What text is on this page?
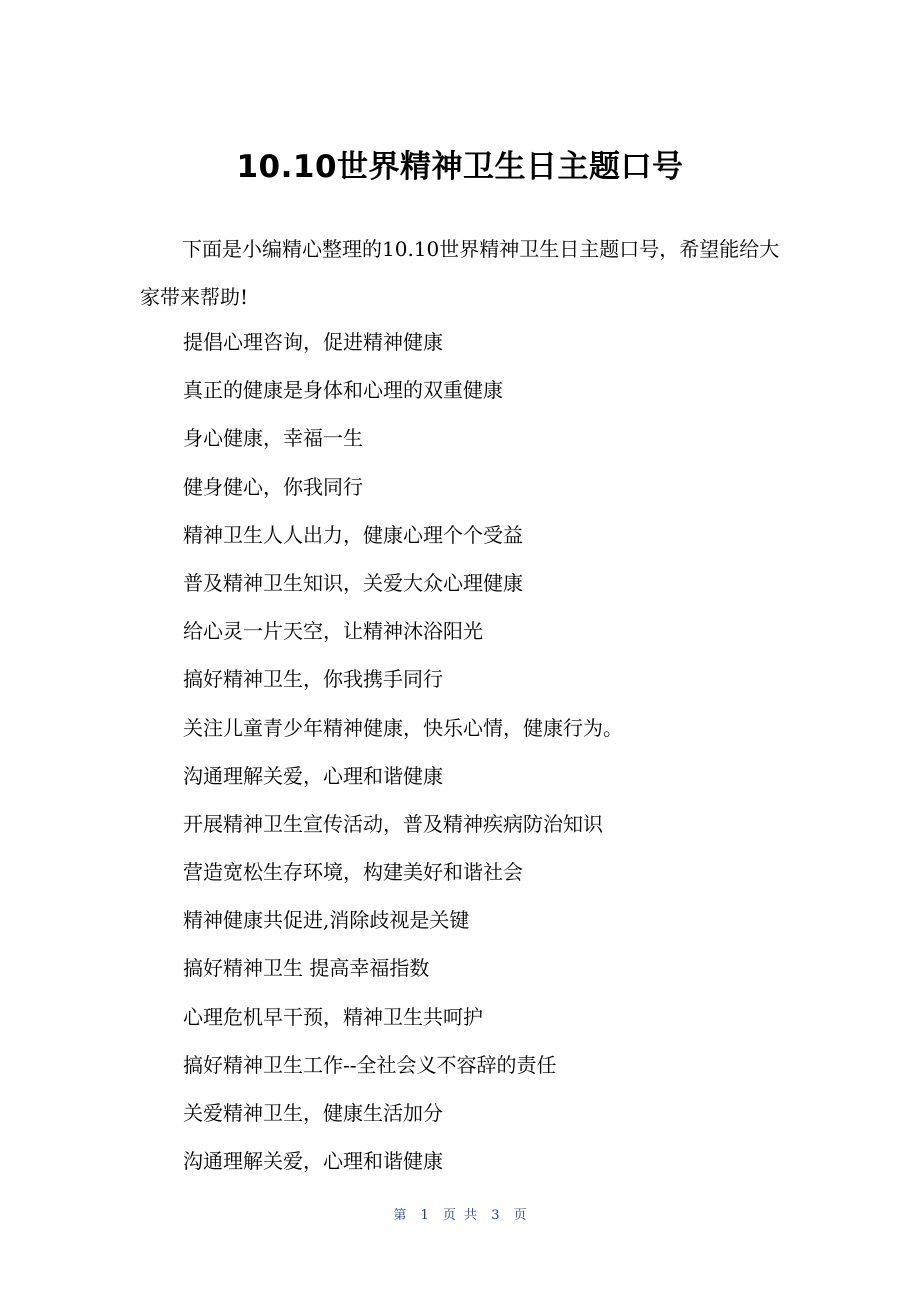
10.10世界精神卫生日主题口号

下面是小编精心整理的10.10世界精神卫生日主题口号，希望能给大家带来帮助!

提倡心理咨询，促进精神健康
真正的健康是身体和心理的双重健康
身心健康，幸福一生
健身健心，你我同行
精神卫生人人出力，健康心理个个受益
普及精神卫生知识，关爱大众心理健康
给心灵一片天空，让精神沐浴阳光
搞好精神卫生，你我携手同行
关注儿童青少年精神健康，快乐心情，健康行为。
沟通理解关爱，心理和谐健康
开展精神卫生宣传活动，普及精神疾病防治知识
营造宽松生存环境，构建美好和谐社会
精神健康共促进,消除歧视是关键
搞好精神卫生 提高幸福指数
心理危机早干预，精神卫生共呵护
搞好精神卫生工作--全社会义不容辞的责任
关爱精神卫生，健康生活加分
沟通理解关爱，心理和谐健康
第 1 页 共 3 页
